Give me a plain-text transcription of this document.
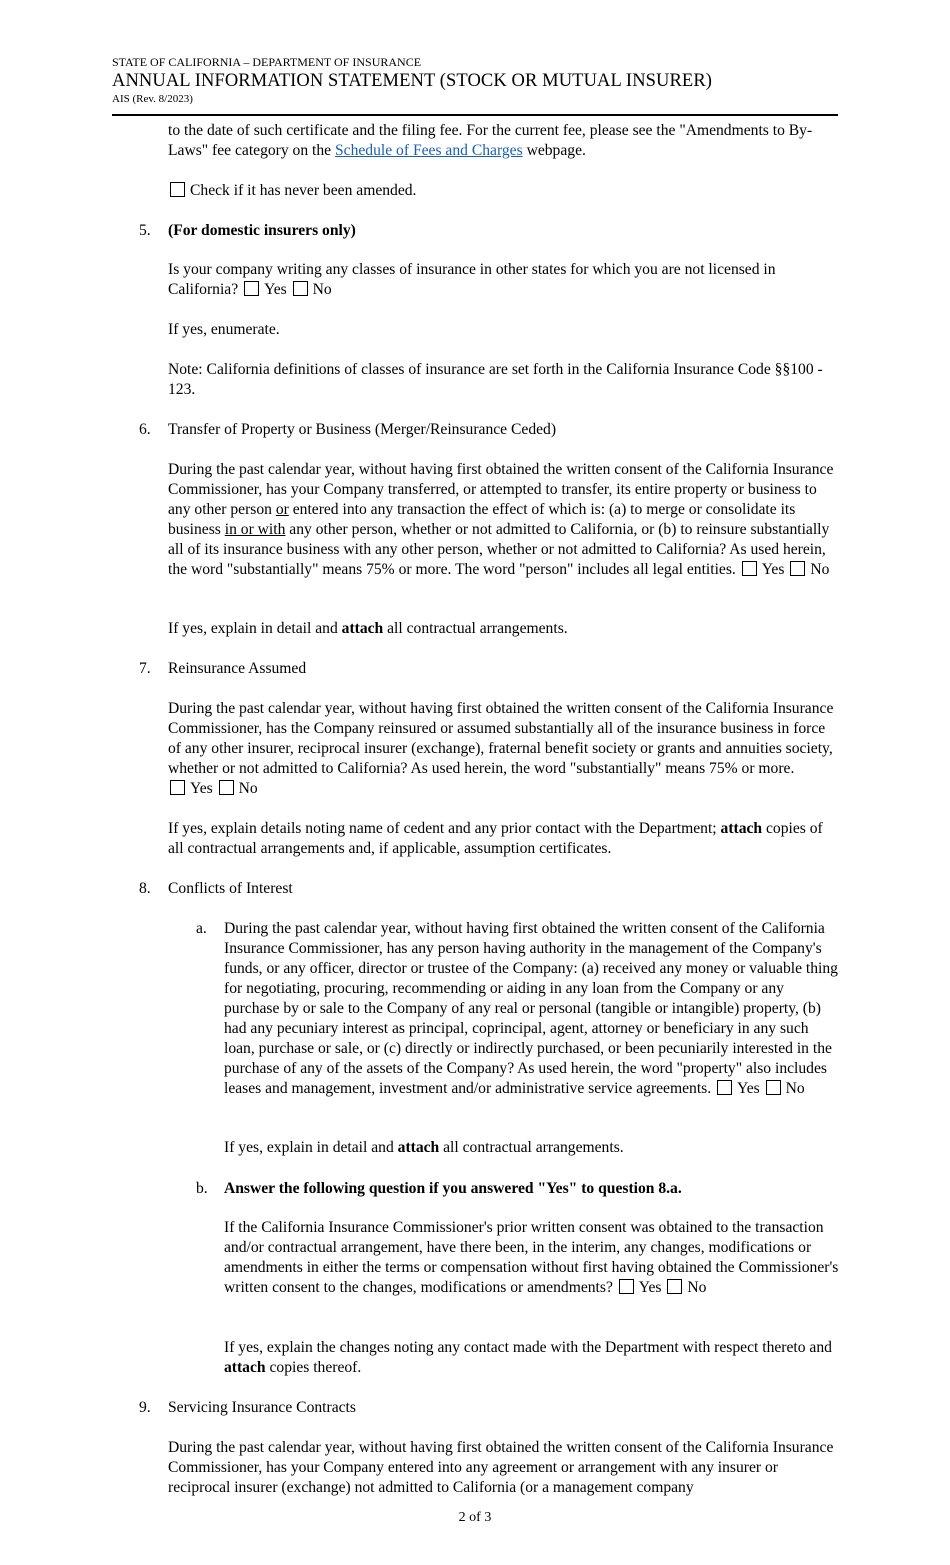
STATE OF CALIFORNIA – DEPARTMENT OF INSURANCE
ANNUAL INFORMATION STATEMENT (STOCK OR MUTUAL INSURER)
AIS (Rev. 8/2023)

to the date of such certificate and the filing fee. For the current fee, please see the "Amendments to By-Laws" fee category on the Schedule of Fees and Charges webpage.

Check if it has never been amended.

5. (For domestic insurers only)

Is your company writing any classes of insurance in other states for which you are not licensed in California? Yes No

If yes, enumerate.

Note: California definitions of classes of insurance are set forth in the California Insurance Code §§100 - 123.

6. Transfer of Property or Business (Merger/Reinsurance Ceded)

During the past calendar year, without having first obtained the written consent of the California Insurance Commissioner, has your Company transferred, or attempted to transfer, its entire property or business to any other person or entered into any transaction the effect of which is: (a) to merge or consolidate its business in or with any other person, whether or not admitted to California, or (b) to reinsure substantially all of its insurance business with any other person, whether or not admitted to California? As used herein, the word "substantially" means 75% or more. The word "person" includes all legal entities. Yes No

If yes, explain in detail and attach all contractual arrangements.

7. Reinsurance Assumed

During the past calendar year, without having first obtained the written consent of the California Insurance Commissioner, has the Company reinsured or assumed substantially all of the insurance business in force of any other insurer, reciprocal insurer (exchange), fraternal benefit society or grants and annuities society, whether or not admitted to California? As used herein, the word "substantially" means 75% or more. Yes No

If yes, explain details noting name of cedent and any prior contact with the Department; attach copies of all contractual arrangements and, if applicable, assumption certificates.

8. Conflicts of Interest

a. During the past calendar year, without having first obtained the written consent of the California Insurance Commissioner, has any person having authority in the management of the Company's funds, or any officer, director or trustee of the Company: (a) received any money or valuable thing for negotiating, procuring, recommending or aiding in any loan from the Company or any purchase by or sale to the Company of any real or personal (tangible or intangible) property, (b) had any pecuniary interest as principal, coprincipal, agent, attorney or beneficiary in any such loan, purchase or sale, or (c) directly or indirectly purchased, or been pecuniarily interested in the purchase of any of the assets of the Company? As used herein, the word "property" also includes leases and management, investment and/or administrative service agreements. Yes No

If yes, explain in detail and attach all contractual arrangements.

b. Answer the following question if you answered "Yes" to question 8.a.

If the California Insurance Commissioner's prior written consent was obtained to the transaction and/or contractual arrangement, have there been, in the interim, any changes, modifications or amendments in either the terms or compensation without first having obtained the Commissioner's written consent to the changes, modifications or amendments? Yes No

If yes, explain the changes noting any contact made with the Department with respect thereto and attach copies thereof.

9. Servicing Insurance Contracts

During the past calendar year, without having first obtained the written consent of the California Insurance Commissioner, has your Company entered into any agreement or arrangement with any insurer or reciprocal insurer (exchange) not admitted to California (or a management company

2 of 3
